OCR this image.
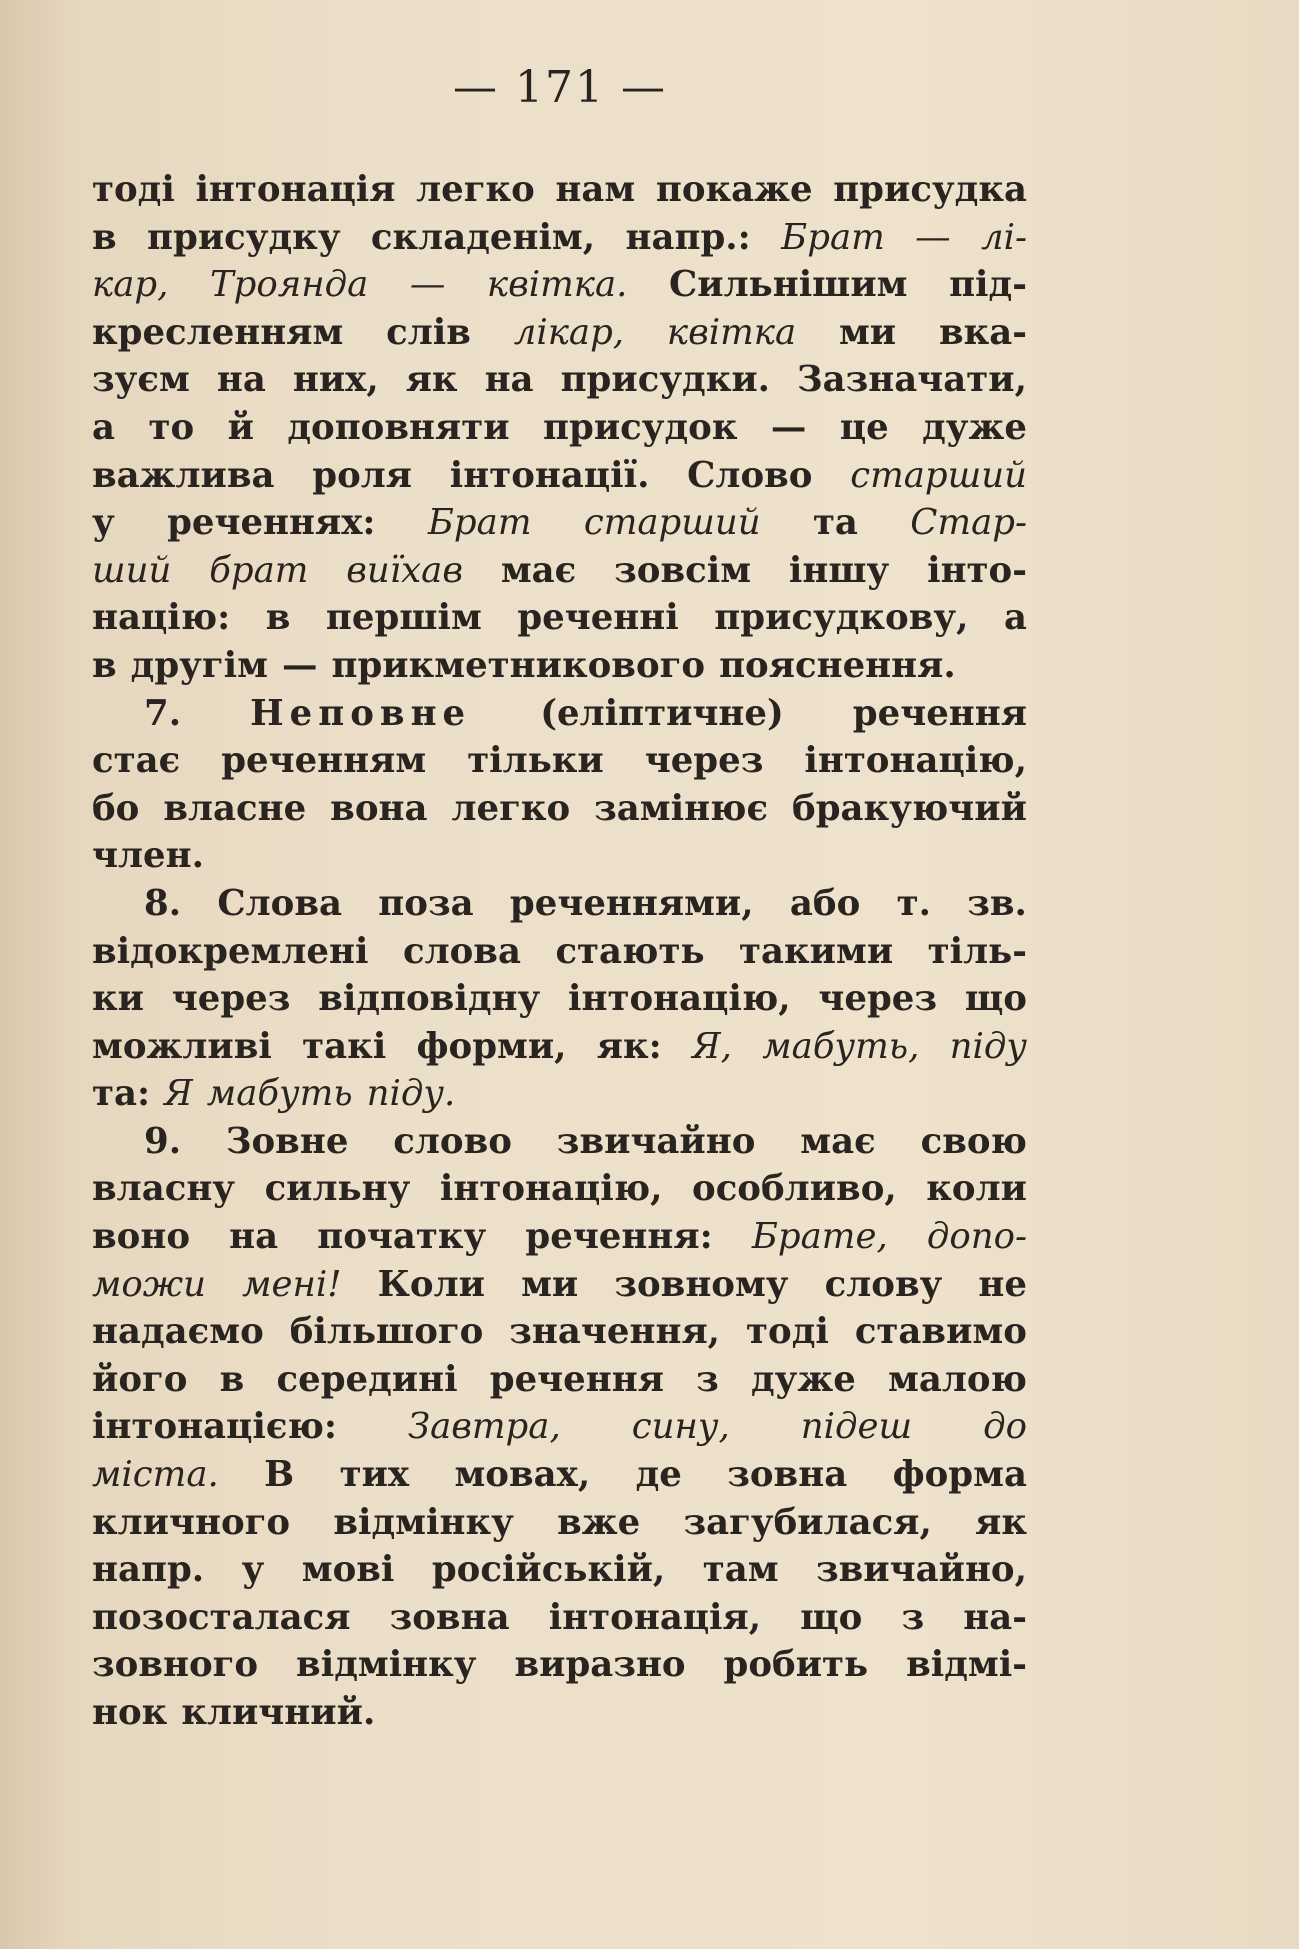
— 171 —
тоді інтонація легко нам покаже присудка
в присудку складенім, напр.: Брат — лі-
кар, Троянда — квітка. Сильнішим під-
кресленням слів лікар, квітка ми вка-
зуєм на них, як на присудки. Зазначати,
а то й доповняти присудок — це дуже
важлива роля інтонації. Слово старший
у реченнях: Брат старший та Стар-
ший брат виїхав має зовсім іншу інто-
націю: в першім реченні присудкову, а
в другім — прикметникового пояснення.
7. Неповне (еліптичне) речення
стає реченням тільки через інтонацію,
бо власне вона легко замінює бракуючий
член.
8. Слова поза реченнями, або т. зв.
відокремлені слова стають такими тіль-
ки через відповідну інтонацію, через що
можливі такі форми, як: Я, мабуть, піду
та: Я мабуть піду.
9. Зовне слово звичайно має свою
власну сильну інтонацію, особливо, коли
воно на початку речення: Брате, допо-
можи мені! Коли ми зовному слову не
надаємо більшого значення, тоді ставимо
його в середині речення з дуже малою
інтонацією: Завтра, сину, підеш до
міста. В тих мовах, де зовна форма
кличного відмінку вже загубилася, як
напр. у мові російській, там звичайно,
позосталася зовна інтонація, що з на-
зовного відмінку виразно робить відмі-
нок кличний.
